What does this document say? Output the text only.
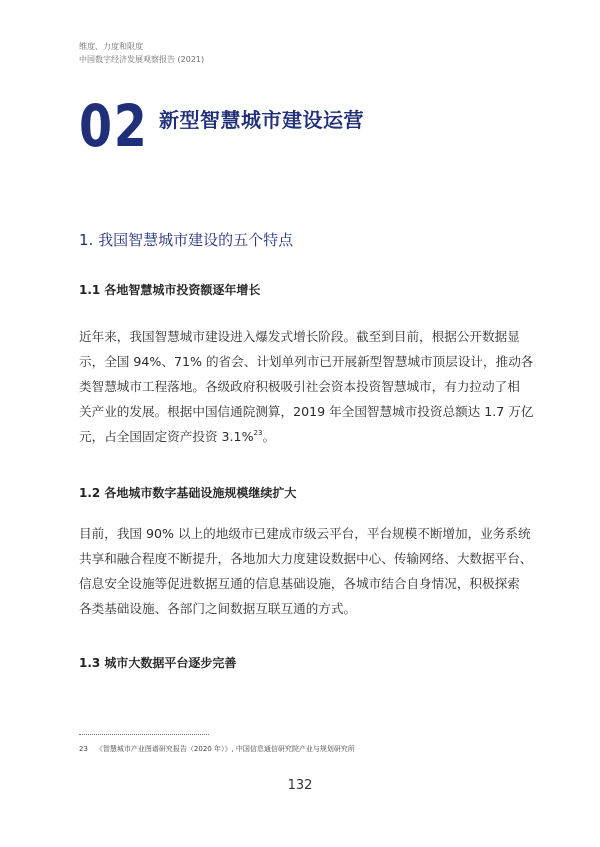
维度、力度和限度
中国数字经济发展观察报告 (2021)
02 新型智慧城市建设运营
1. 我国智慧城市建设的五个特点
1.1 各地智慧城市投资额逐年增长
近年来，我国智慧城市建设进入爆发式增长阶段。截至到目前，根据公开数据显
示，全国 94%、71% 的省会、计划单列市已开展新型智慧城市顶层设计，推动各
类智慧城市工程落地。各级政府积极吸引社会资本投资智慧城市，有力拉动了相
关产业的发展。根据中国信通院测算，2019 年全国智慧城市投资总额达 1.7 万亿
元，占全国固定资产投资 3.1%$^{23}$。
1.2 各地城市数字基础设施规模继续扩大
目前，我国 90% 以上的地级市已建成市级云平台，平台规模不断增加，业务系统
共享和融合程度不断提升，各地加大力度建设数据中心、传输网络、大数据平台、
信息安全设施等促进数据互通的信息基础设施，各城市结合自身情况，积极探索
各类基础设施、各部门之间数据互联互通的方式。
1.3 城市大数据平台逐步完善
23 《智慧城市产业图谱研究报告（2020 年）》, 中国信息通信研究院产业与规划研究所
132
